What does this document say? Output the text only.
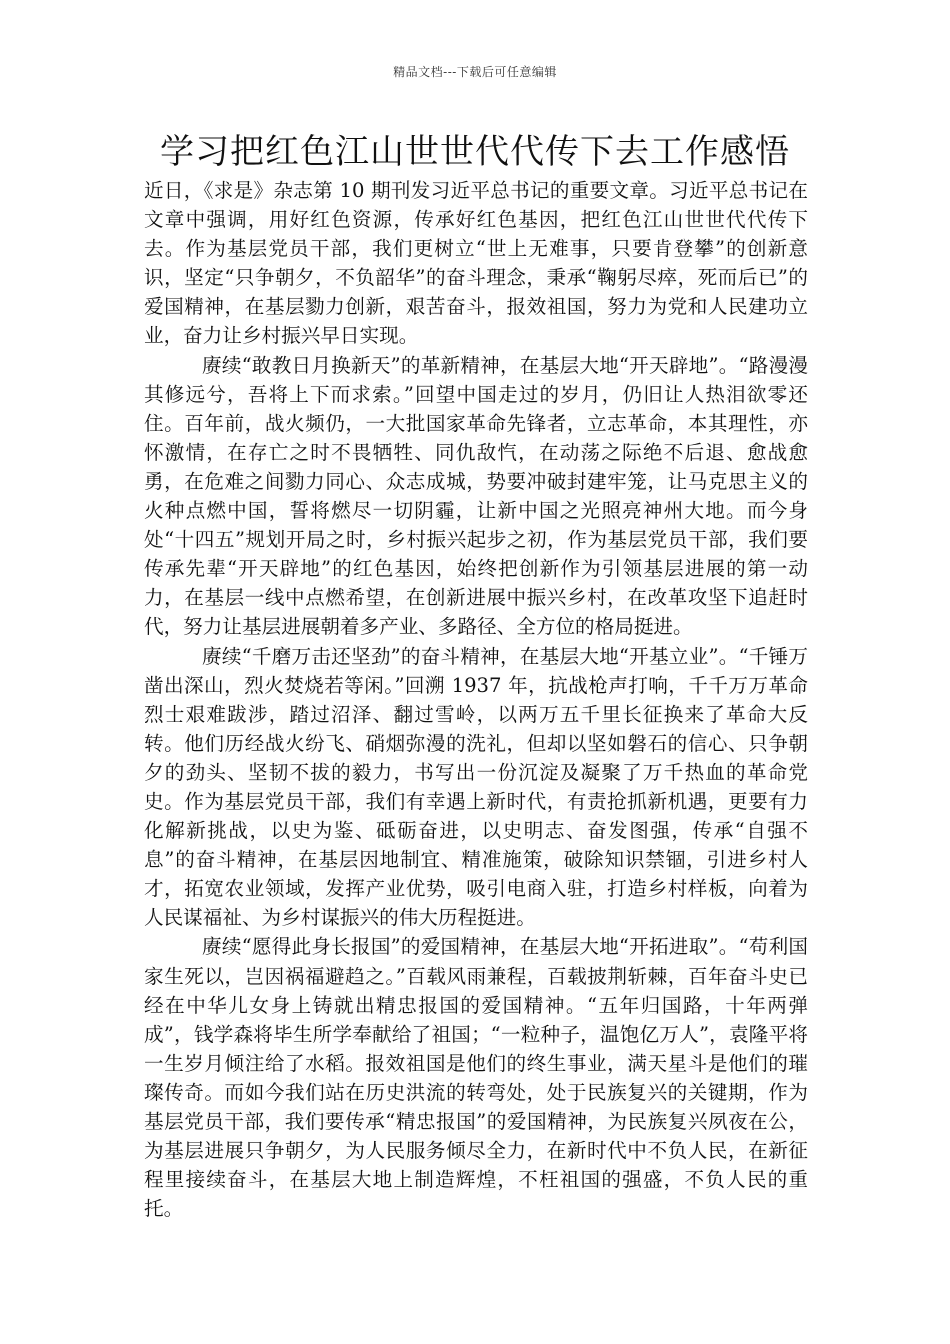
精品文档---下载后可任意编辑
学习把红色江山世世代代传下去工作感悟

近日，《求是》杂志第 10 期刊发习近平总书记的重要文章。习近平总书记在文章中强调，用好红色资源，传承好红色基因，把红色江山世世代代传下去。作为基层党员干部，我们更树立“世上无难事，只要肯登攀”的创新意识，坚定“只争朝夕，不负韶华”的奋斗理念，秉承“鞠躬尽瘁，死而后已”的爱国精神，在基层勠力创新，艰苦奋斗，报效祖国，努力为党和人民建功立业，奋力让乡村振兴早日实现。

赓续“敢教日月换新天”的革新精神，在基层大地“开天辟地”。“路漫漫其修远兮，吾将上下而求索。”回望中国走过的岁月，仍旧让人热泪欲零还住。百年前，战火频仍，一大批国家革命先锋者，立志革命，本其理性，亦怀激情，在存亡之时不畏牺牲、同仇敌忾，在动荡之际绝不后退、愈战愈勇，在危难之间勠力同心、众志成城，势要冲破封建牢笼，让马克思主义的火种点燃中国，誓将燃尽一切阴霾，让新中国之光照亮神州大地。而今身处“十四五”规划开局之时，乡村振兴起步之初，作为基层党员干部，我们要传承先辈“开天辟地”的红色基因，始终把创新作为引领基层进展的第一动力，在基层一线中点燃希望，在创新进展中振兴乡村，在改革攻坚下追赶时代，努力让基层进展朝着多产业、多路径、全方位的格局挺进。

赓续“千磨万击还坚劲”的奋斗精神，在基层大地“开基立业”。“千锤万凿出深山，烈火焚烧若等闲。”回溯 1937 年，抗战枪声打响，千千万万革命烈士艰难跋涉，踏过沼泽、翻过雪岭，以两万五千里长征换来了革命大反转。他们历经战火纷飞、硝烟弥漫的洗礼，但却以坚如磐石的信心、只争朝夕的劲头、坚韧不拔的毅力，书写出一份沉淀及凝聚了万千热血的革命党史。作为基层党员干部，我们有幸遇上新时代，有责抢抓新机遇，更要有力化解新挑战，以史为鉴、砥砺奋进，以史明志、奋发图强，传承“自强不息”的奋斗精神，在基层因地制宜、精准施策，破除知识禁锢，引进乡村人才，拓宽农业领域，发挥产业优势，吸引电商入驻，打造乡村样板，向着为人民谋福祉、为乡村谋振兴的伟大历程挺进。

赓续“愿得此身长报国”的爱国精神，在基层大地“开拓进取”。“苟利国家生死以，岂因祸福避趋之。”百载风雨兼程，百载披荆斩棘，百年奋斗史已经在中华儿女身上铸就出精忠报国的爱国精神。“五年归国路，十年两弹成”，钱学森将毕生所学奉献给了祖国；“一粒种子，温饱亿万人”，袁隆平将一生岁月倾注给了水稻。报效祖国是他们的终生事业，满天星斗是他们的璀璨传奇。而如今我们站在历史洪流的转弯处，处于民族复兴的关键期，作为基层党员干部，我们要传承“精忠报国”的爱国精神，为民族复兴夙夜在公，为基层进展只争朝夕，为人民服务倾尽全力，在新时代中不负人民，在新征程里接续奋斗，在基层大地上制造辉煌，不枉祖国的强盛，不负人民的重托。
